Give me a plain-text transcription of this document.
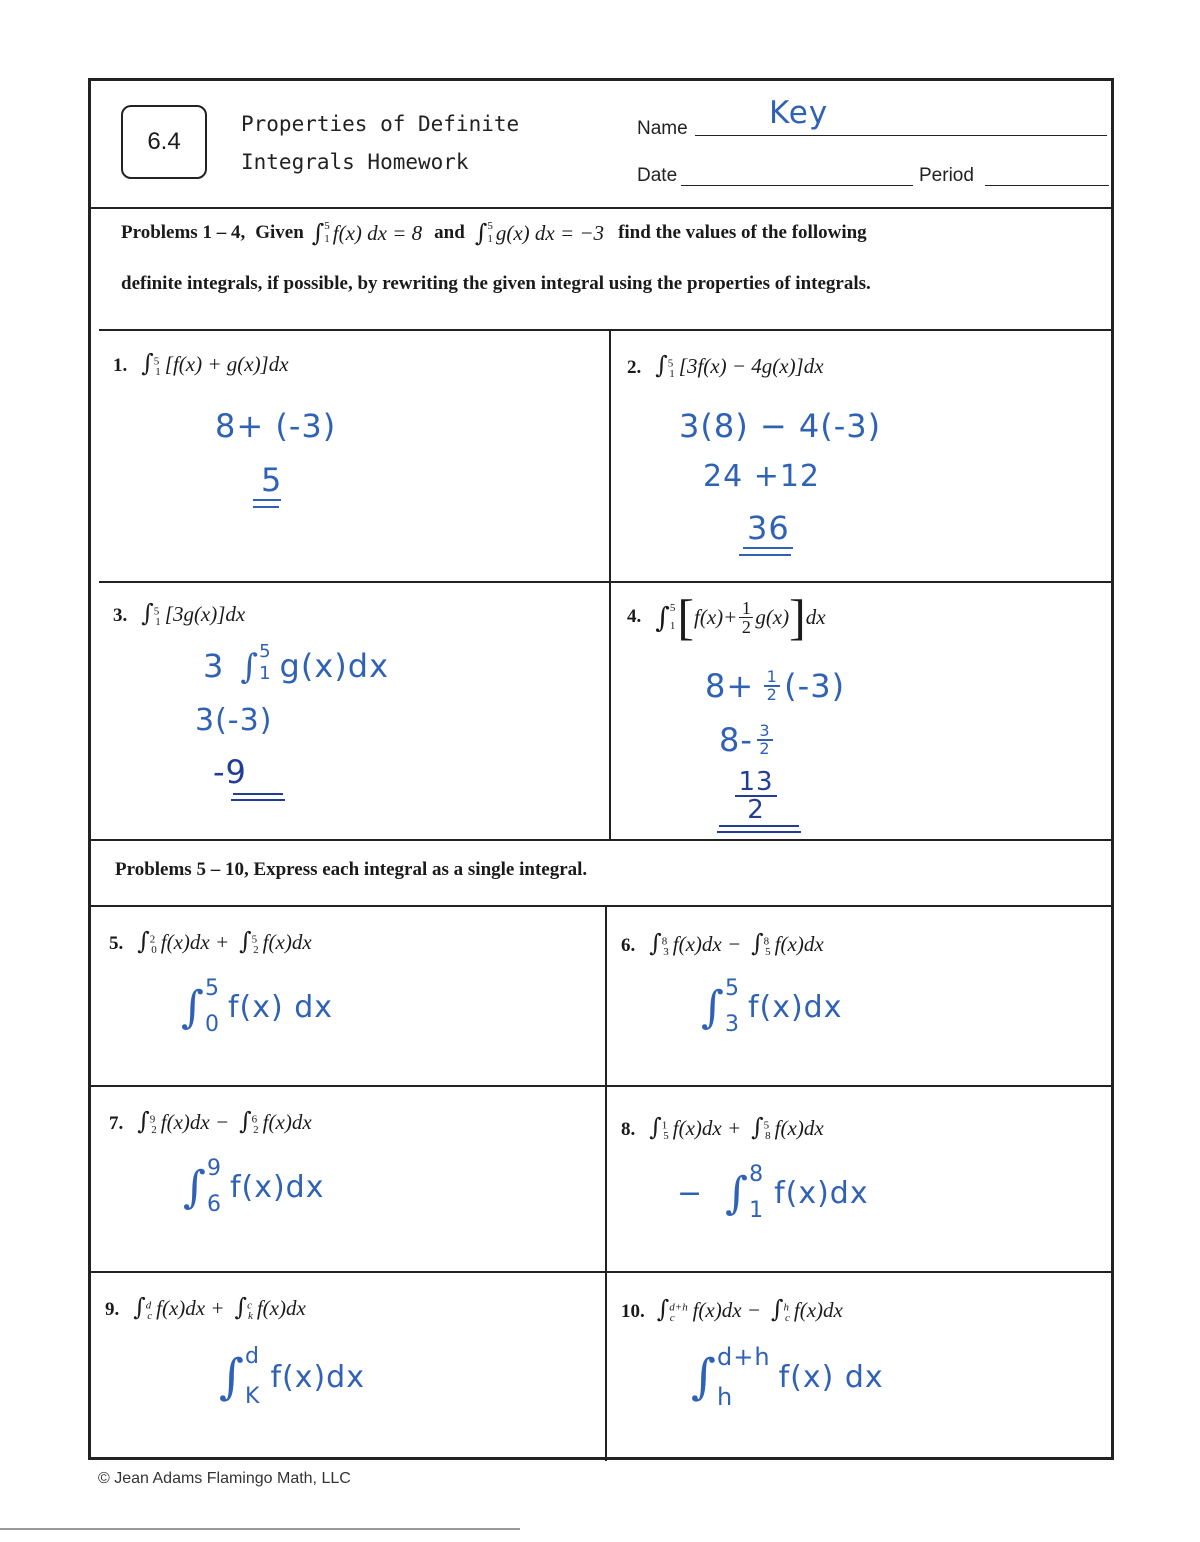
6.4
Properties of Definite
Integrals Homework
Name	Key
Date	Period
Problems 1 – 4, Given ∫ 5
1 f(x) dx = 8 and ∫ 5
1 g(x) dx = −3 find the values of the following
definite integrals, if possible, by rewriting the given integral using the properties of integrals.
1. ∫$^5_1$ [f(x) + g(x)]dx
8+ (-3)
5
2. ∫$^5_1$ [3f(x) − 4g(x)]dx
3(8) − 4(-3)
24 +12
36
3. ∫$^5_1$ [3g(x)]dx
3 ∫ 5
1 g(x)dx
3(-3)
-9
4. ∫ 5
1 [ f(x)+ 1
2 g(x) ] dx
8+ 1
2 (-3)
8- 3
2
13
2
Problems 5 – 10, Express each integral as a single integral.
5. ∫$^2_0$ f(x)dx + ∫$^5_2$ f(x)dx
∫ 5
0 f(x) dx
6. ∫$^8_3$ f(x)dx − ∫$^8_5$ f(x)dx
∫ 5
3 f(x)dx
7. ∫$^9_2$ f(x)dx − ∫$^6_2$ f(x)dx
∫ 9
6 f(x)dx
8. ∫$^1_5$ f(x)dx + ∫$^5_8$ f(x)dx
− ∫ 8
1 f(x)dx
9. ∫$^d_c$ f(x)dx + ∫$^c_k$ f(x)dx
∫ d
K
f(x)dx
10. ∫$^{d+h}_c$ f(x)dx − ∫$^h_c$ f(x)dx
∫ d+h
h
f(x) dx
© Jean Adams Flamingo Math, LLC
